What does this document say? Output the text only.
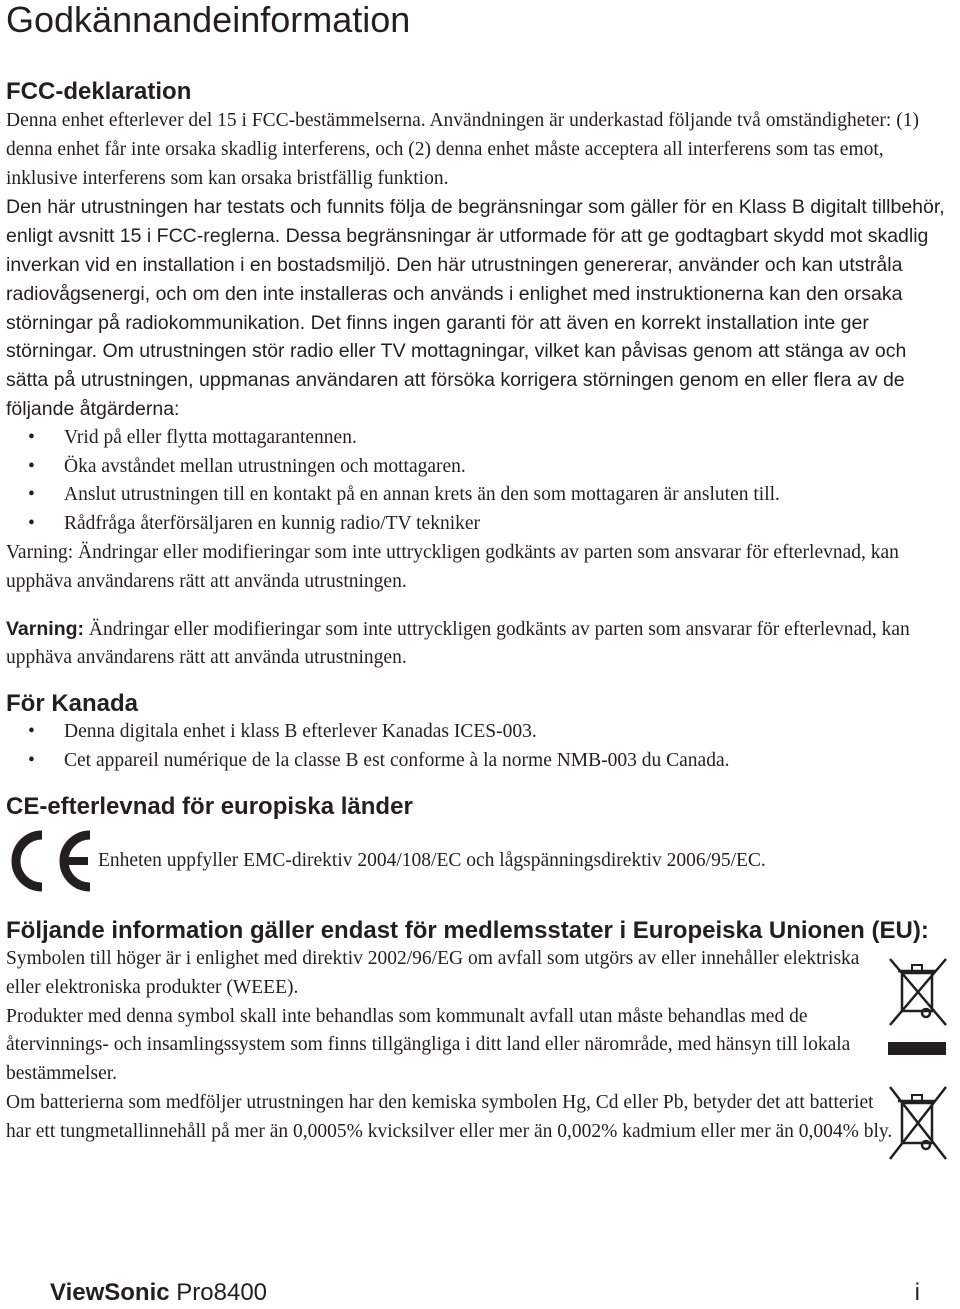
Godkännandeinformation
FCC-deklaration

Denna enhet efterlever del 15 i FCC-bestämmelserna. Användningen är underkastad följande två omständigheter: (1) denna enhet får inte orsaka skadlig interferens, och (2) denna enhet måste acceptera all interferens som tas emot, inklusive interferens som kan orsaka bristfällig funktion.

Den här utrustningen har testats och funnits följa de begränsningar som gäller för en Klass B digitalt tillbehör, enligt avsnitt 15 i FCC-reglerna. Dessa begränsningar är utformade för att ge godtagbart skydd mot skadlig inverkan vid en installation i en bostadsmiljö. Den här utrustningen genererar, använder och kan utstråla radiovågsenergi, och om den inte installeras och används i enlighet med instruktionerna kan den orsaka störningar på radiokommunikation. Det finns ingen garanti för att även en korrekt installation inte ger störningar. Om utrustningen stör radio eller TV mottagningar, vilket kan påvisas genom att stänga av och sätta på utrustningen, uppmanas användaren att försöka korrigera störningen genom en eller flera av de följande åtgärderna:

• Vrid på eller flytta mottagarantennen.
• Öka avståndet mellan utrustningen och mottagaren.
• Anslut utrustningen till en kontakt på en annan krets än den som mottagaren är ansluten till.
• Rådfråga återförsäljaren en kunnig radio/TV tekniker

Varning: Ändringar eller modifieringar som inte uttryckligen godkänts av parten som ansvarar för efterlevnad, kan upphäva användarens rätt att använda utrustningen.

Varning: Ändringar eller modifieringar som inte uttryckligen godkänts av parten som ansvarar för efterlevnad, kan upphäva användarens rätt att använda utrustningen.

För Kanada
• Denna digitala enhet i klass B efterlever Kanadas ICES-003.
• Cet appareil numérique de la classe B est conforme à la norme NMB-003 du Canada.
CE-efterlevnad för europiska länder

Enheten uppfyller EMC-direktiv 2004/108/EC och lågspänningsdirektiv 2006/95/EC.

Följande information gäller endast för medlemsstater i Europeiska Unionen (EU):

Symbolen till höger är i enlighet med direktiv 2002/96/EG om avfall som utgörs av eller innehåller elektriska eller elektroniska produkter (WEEE).

Produkter med denna symbol skall inte behandlas som kommunalt avfall utan måste behandlas med de återvinnings- och insamlingssystem som finns tillgängliga i ditt land eller närområde, med hänsyn till lokala bestämmelser.

Om batterierna som medföljer utrustningen har den kemiska symbolen Hg, Cd eller Pb, betyder det att batteriet har ett tungmetallinnehåll på mer än 0,0005% kvicksilver eller mer än 0,002% kadmium eller mer än 0,004% bly.

ViewSonic Pro8400	i
